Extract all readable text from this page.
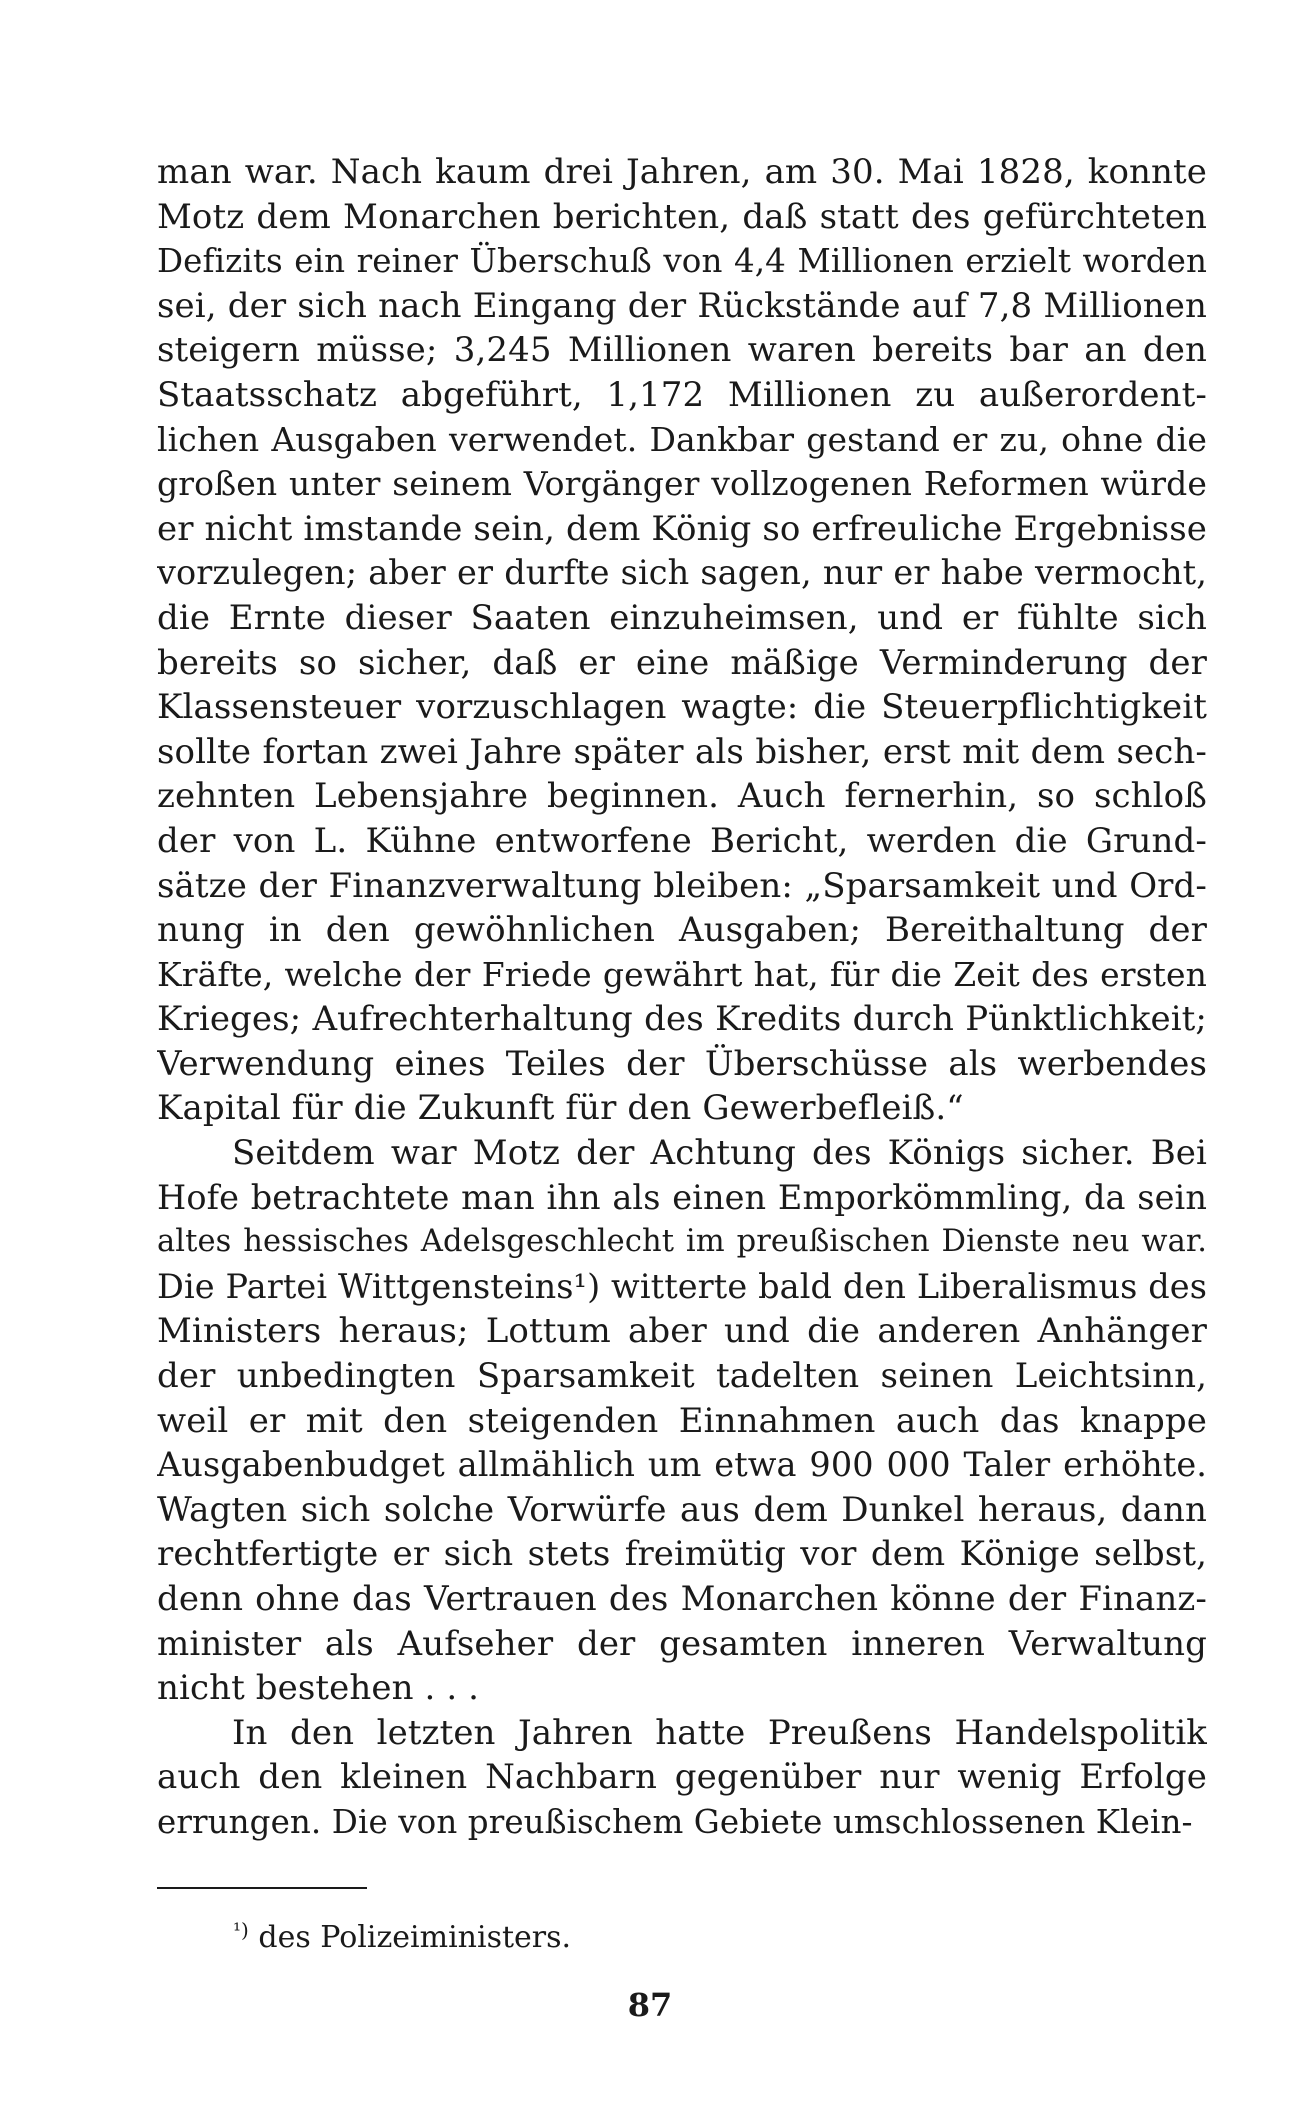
man war. Nach kaum drei Jahren, am 30. Mai 1828, konnte
Motz dem Monarchen berichten, daß statt des gefürchteten
Defizits ein reiner Überschuß von 4,4 Millionen erzielt worden
sei, der sich nach Eingang der Rückstände auf 7,8 Millionen
steigern müsse; 3,245 Millionen waren bereits bar an den
Staatsschatz abgeführt, 1,172 Millionen zu außerordent-
lichen Ausgaben verwendet. Dankbar gestand er zu, ohne die
großen unter seinem Vorgänger vollzogenen Reformen würde
er nicht imstande sein, dem König so erfreuliche Ergebnisse
vorzulegen; aber er durfte sich sagen, nur er habe vermocht,
die Ernte dieser Saaten einzuheimsen, und er fühlte sich
bereits so sicher, daß er eine mäßige Verminderung der
Klassensteuer vorzuschlagen wagte: die Steuerpflichtigkeit
sollte fortan zwei Jahre später als bisher, erst mit dem sech-
zehnten Lebensjahre beginnen. Auch fernerhin, so schloß
der von L. Kühne entworfene Bericht, werden die Grund-
sätze der Finanzverwaltung bleiben: „Sparsamkeit und Ord-
nung in den gewöhnlichen Ausgaben; Bereithaltung der
Kräfte, welche der Friede gewährt hat, für die Zeit des ersten
Krieges; Aufrechterhaltung des Kredits durch Pünktlichkeit;
Verwendung eines Teiles der Überschüsse als werbendes
Kapital für die Zukunft für den Gewerbefleiß.“

Seitdem war Motz der Achtung des Königs sicher. Bei
Hofe betrachtete man ihn als einen Emporkömmling, da sein
altes hessisches Adelsgeschlecht im preußischen Dienste neu war.
Die Partei Wittgensteins¹) witterte bald den Liberalismus des
Ministers heraus; Lottum aber und die anderen Anhänger
der unbedingten Sparsamkeit tadelten seinen Leichtsinn,
weil er mit den steigenden Einnahmen auch das knappe
Ausgabenbudget allmählich um etwa 900 000 Taler erhöhte.
Wagten sich solche Vorwürfe aus dem Dunkel heraus, dann
rechtfertigte er sich stets freimütig vor dem Könige selbst,
denn ohne das Vertrauen des Monarchen könne der Finanz-
minister als Aufseher der gesamten inneren Verwaltung
nicht bestehen . . .

In den letzten Jahren hatte Preußens Handelspolitik
auch den kleinen Nachbarn gegenüber nur wenig Erfolge
errungen. Die von preußischem Gebiete umschlossenen Klein-

$^{^1)}$ des Polizeiministers.
87
